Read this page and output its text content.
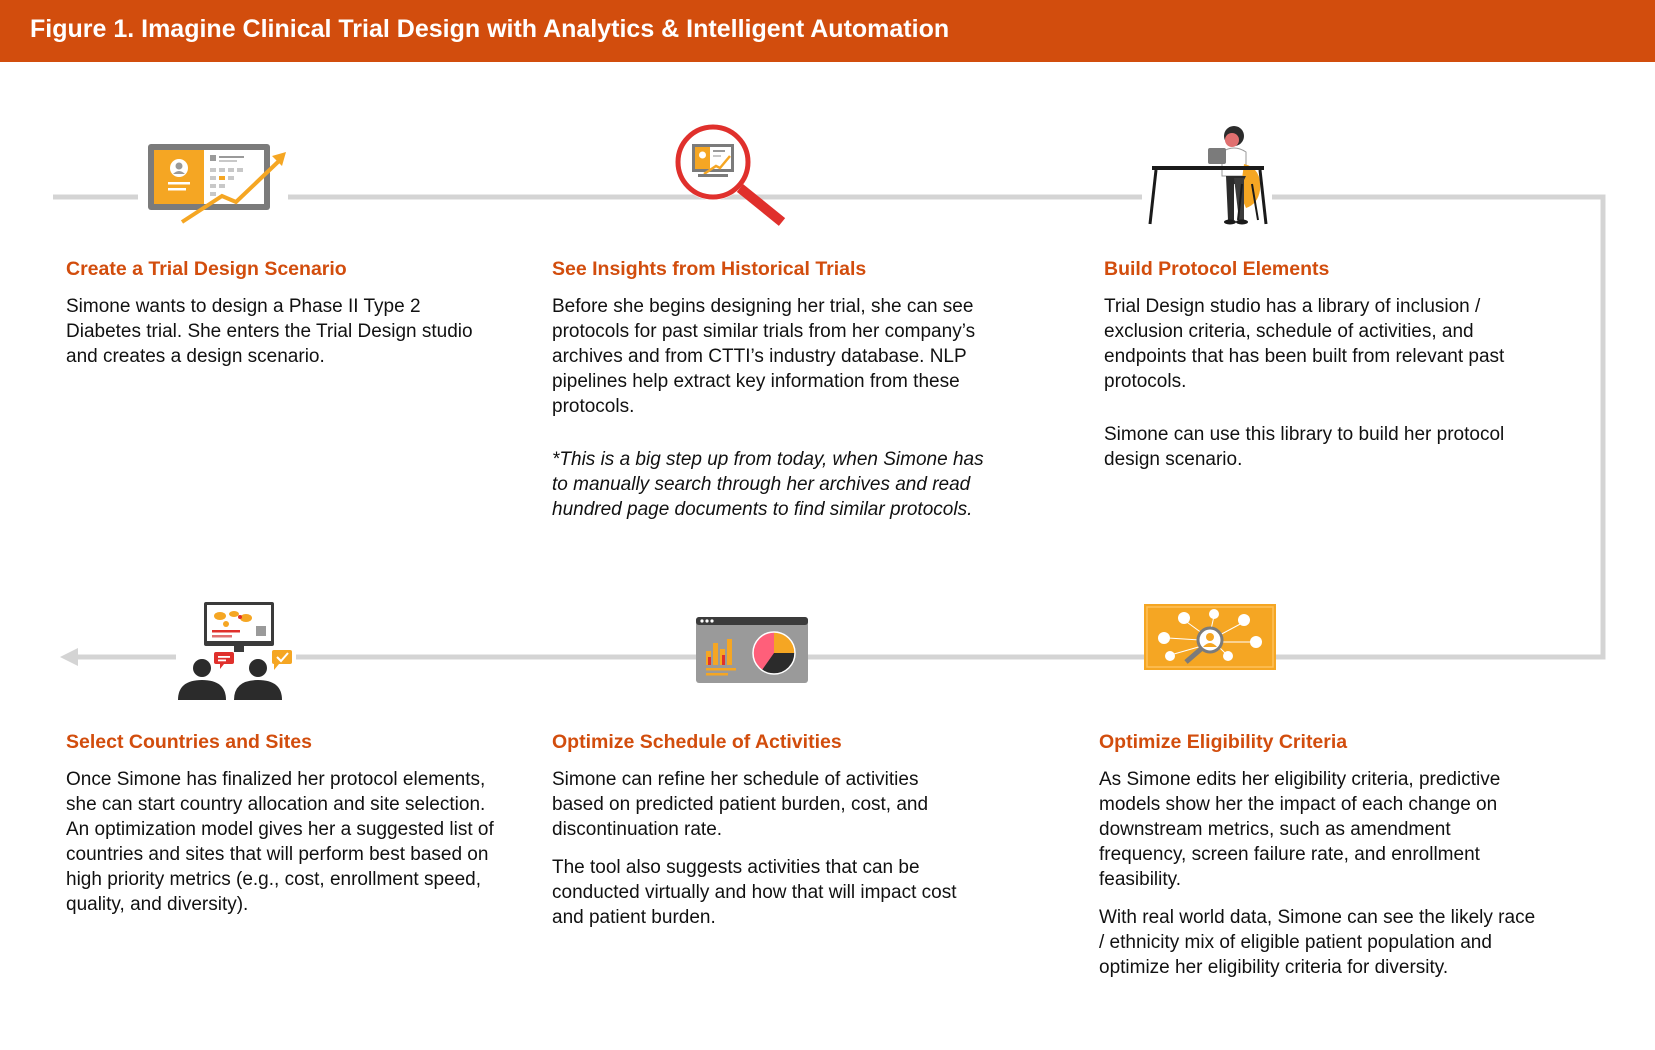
Figure 1. Imagine Clinical Trial Design with Analytics & Intelligent Automation
Create a Trial Design Scenario

Simone wants to design a Phase II Type 2 Diabetes trial. She enters the Trial Design studio and creates a design scenario.

See Insights from Historical Trials

Before she begins designing her trial, she can see protocols for past similar trials from her company’s archives and from CTTI’s industry database. NLP pipelines help extract key information from these protocols.

*This is a big step up from today, when Simone has to manually search through her archives and read hundred page documents to find similar protocols.

Build Protocol Elements

Trial Design studio has a library of inclusion / exclusion criteria, schedule of activities, and endpoints that has been built from relevant past protocols.

Simone can use this library to build her protocol design scenario.

Optimize Eligibility Criteria

As Simone edits her eligibility criteria, predictive models show her the impact of each change on downstream metrics, such as amendment frequency, screen failure rate, and enrollment feasibility.

With real world data, Simone can see the likely race / ethnicity mix of eligible patient population and optimize her eligibility criteria for diversity.

Optimize Schedule of Activities

Simone can refine her schedule of activities based on predicted patient burden, cost, and discontinuation rate.

The tool also suggests activities that can be conducted virtually and how that will impact cost and patient burden.

Select Countries and Sites

Once Simone has finalized her protocol elements, she can start country allocation and site selection. An optimization model gives her a suggested list of countries and sites that will perform best based on high priority metrics (e.g., cost, enrollment speed, quality, and diversity).
